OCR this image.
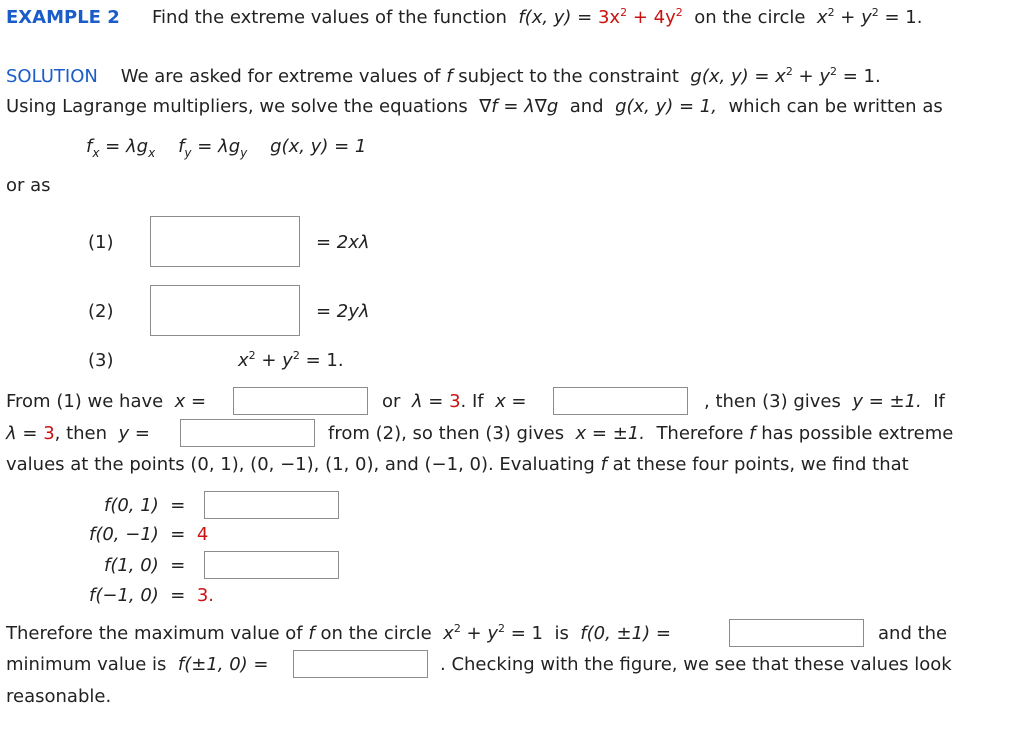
EXAMPLE 2 Find the extreme values of the function f(x, $y) = 3x^2 + 4y^2$ on the circle $x^2 + y^2 = 1$.
SOLUTION We are asked for extreme values of f subject to the constraint g(x, $y) = x^2 + y^2 = 1$.
Using Lagrange multipliers, we solve the equations ∇f = λ∇g and g(x, y) = 1, which can be written as
$f_x = \lambda g_x$ $f_y = \lambda g_y$ g(x, y) = 1
or as
(1)	= 2xλ
(2)	= 2yλ
(3)	$x^2 + y^2 = 1$.
From (1) we have x =	or λ = 3. If x =	, then (3) gives y = ±1. If
λ = 3, then y =	from (2), so then (3) gives x = ±1. Therefore f has possible extreme
values at the points (0, 1), (0, −1), (1, 0), and (−1, 0). Evaluating f at these four points, we find that
f(0, 1) =
f(0, −1) = 4
f(1, 0) =
f(−1, 0) = 3.
Therefore the maximum value of f on the circle $x^2 + y^2 = 1$ is f(0, ±1) =	and the
minimum value is f(±1, 0) =	. Checking with the figure, we see that these values look
reasonable.
